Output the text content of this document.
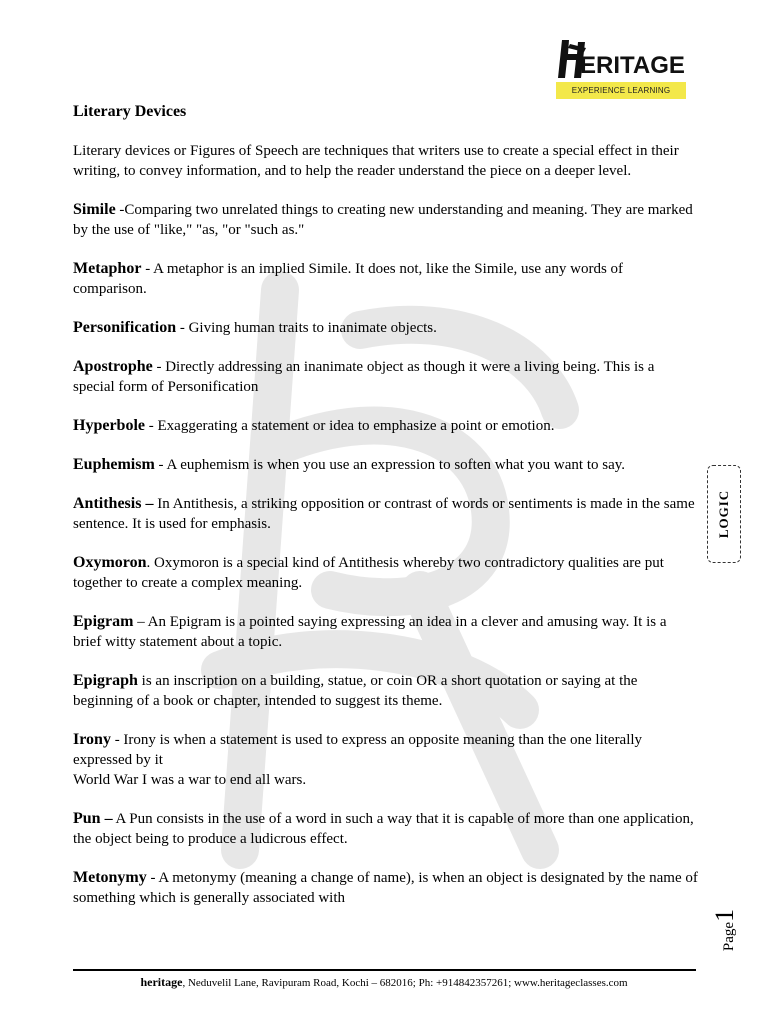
ERITAGE
EXPERIENCE LEARNING
Literary Devices
Literary devices or Figures of Speech are techniques that writers use to create a special effect in their writing, to convey information, and to help the reader understand the piece on a deeper level.
Simile -Comparing two unrelated things to creating new understanding and meaning. They are marked by the use of "like," "as, "or "such as."
Metaphor - A metaphor is an implied Simile. It does not, like the Simile, use any words of comparison.
Personification - Giving human traits to inanimate objects.
Apostrophe - Directly addressing an inanimate object as though it were a living being. This is a special form of Personification
Hyperbole - Exaggerating a statement or idea to emphasize a point or emotion.
Euphemism - A euphemism is when you use an expression to soften what you want to say.
Antithesis – In Antithesis, a striking opposition or contrast of words or sentiments is made in the same sentence. It is used for emphasis.
Oxymoron. Oxymoron is a special kind of Antithesis whereby two contradictory qualities are put together to create a complex meaning.
Epigram – An Epigram is a pointed saying expressing an idea in a clever and amusing way. It is a brief witty statement about a topic.
Epigraph is an inscription on a building, statue, or coin OR a short quotation or saying at the beginning of a book or chapter, intended to suggest its theme.
Irony - Irony is when a statement is used to express an opposite meaning than the one literally expressed by it
World War I was a war to end all wars.
Pun – A Pun consists in the use of a word in such a way that it is capable of more than one application, the object being to produce a ludicrous effect.
Metonymy - A metonymy (meaning a change of name), is when an object is designated by the name of something which is generally associated with
LOGIC
Page1
heritage, Neduvelil Lane, Ravipuram Road, Kochi – 682016; Ph: +914842357261; www.heritageclasses.com
